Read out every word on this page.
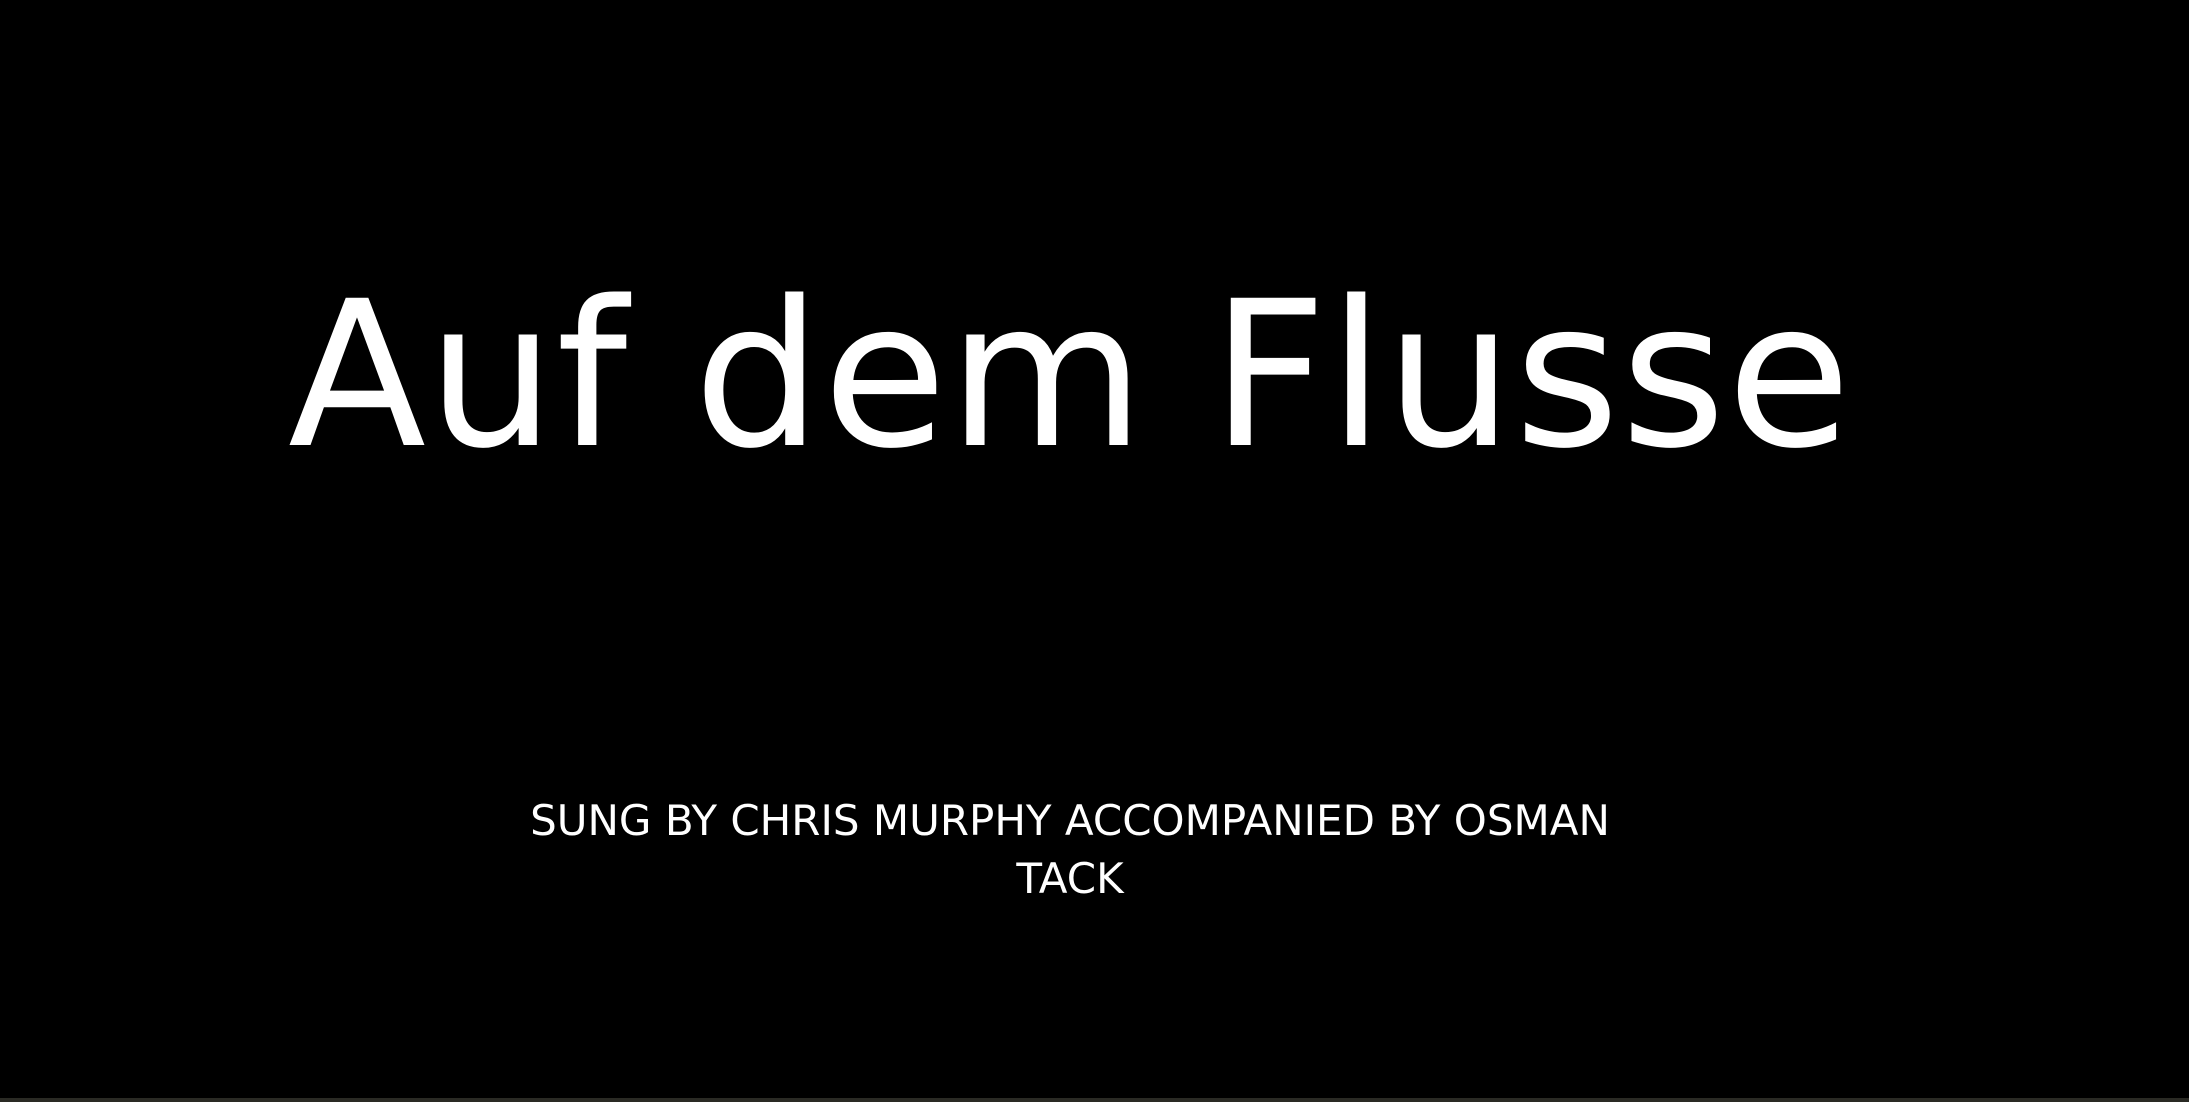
Auf dem Flusse
SUNG BY CHRIS MURPHY ACCOMPANIED BY OSMAN TACK
